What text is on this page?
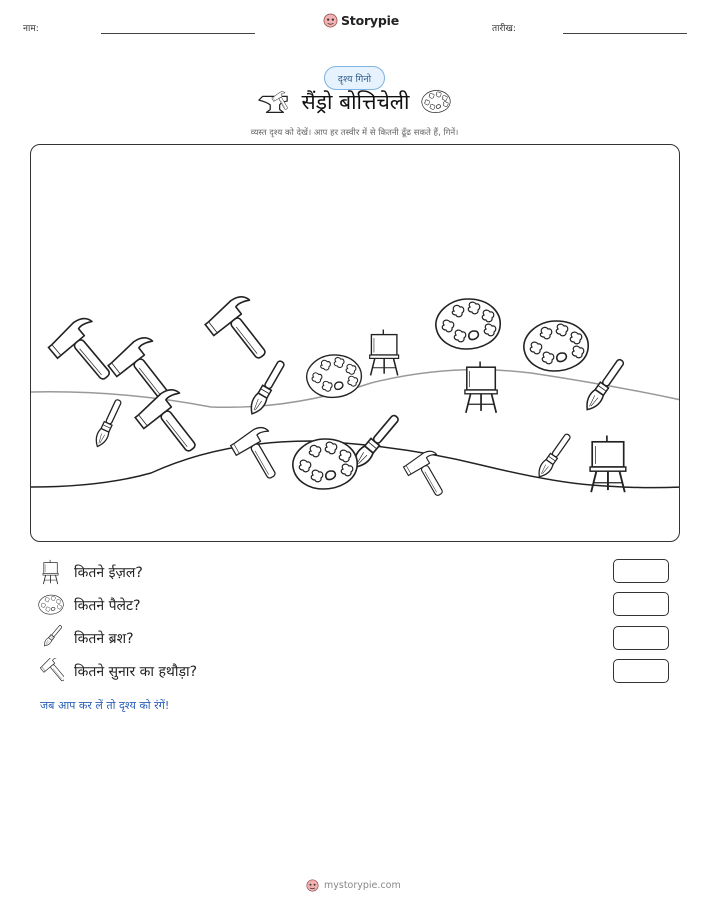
नाम:
Storypie
तारीख:
दृश्य गिनो
सैंड्रो बोत्तिचेली
व्यस्त दृश्य को देखें। आप हर तस्वीर में से कितनी ढूँढ सकते हैं, गिनें।
कितने ईज़ल?
कितने पैलेट?
कितने ब्रश?
कितने सुनार का हथौड़ा?
जब आप कर लें तो दृश्य को रंगें!
mystorypie.com
